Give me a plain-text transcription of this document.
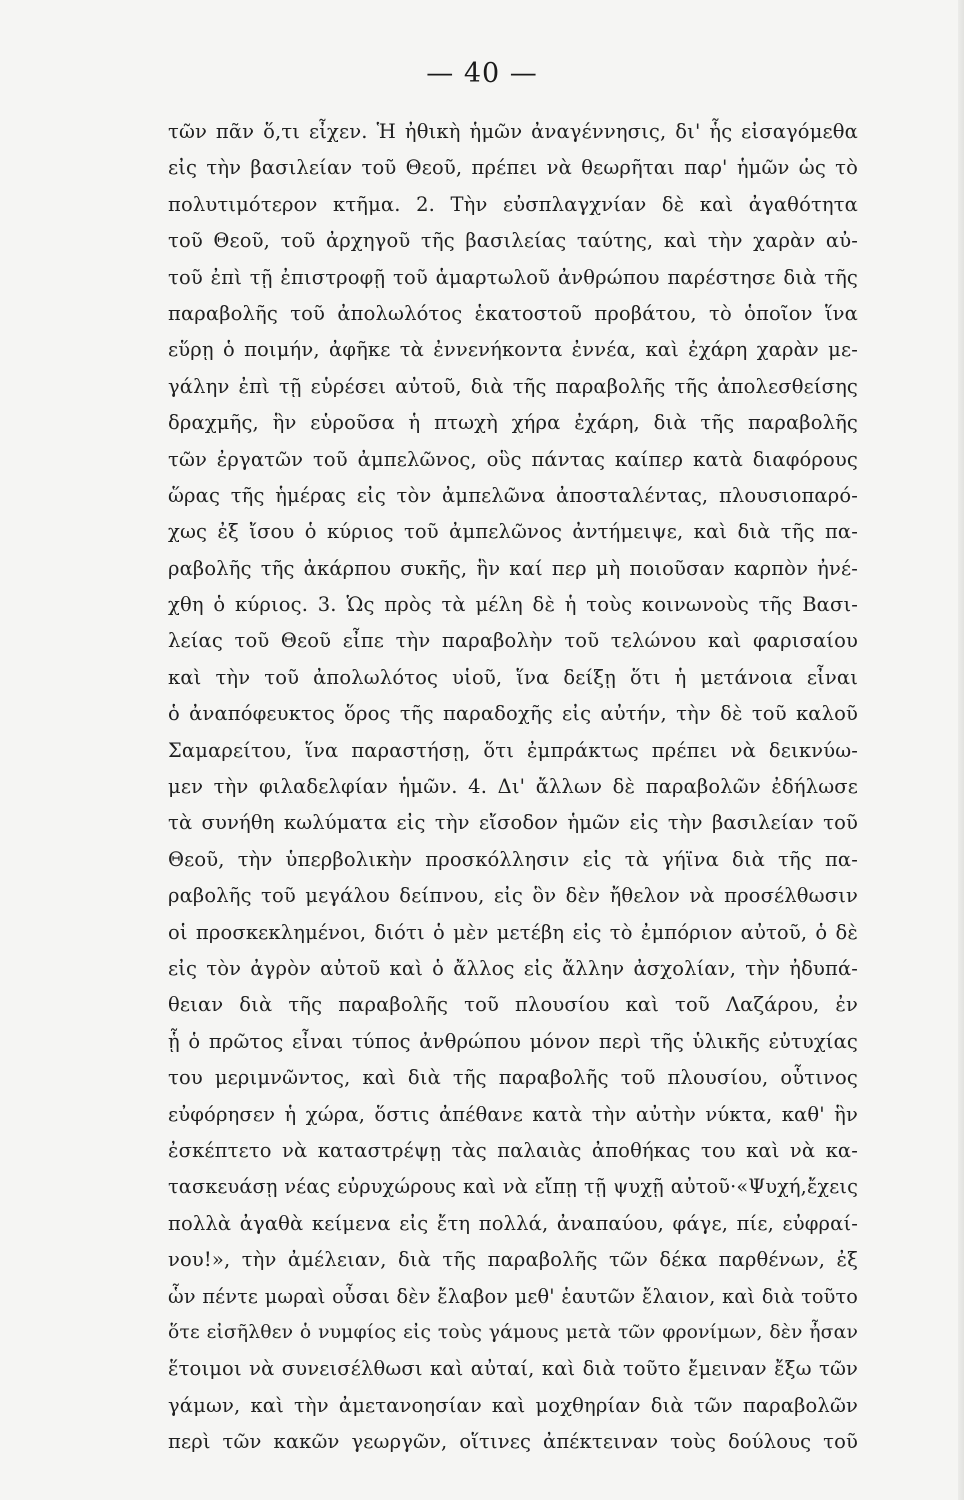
— 40 —
τῶν πᾶν ὅ,τι εἶχεν. Ἡ ἠθικὴ ἡμῶν ἀναγέννησις, δι' ἧς εἰσαγόμεθα
εἰς τὴν βασιλείαν τοῦ Θεοῦ, πρέπει νὰ θεωρῆται παρ' ἡμῶν ὡς τὸ
πολυτιμότερον κτῆμα. 2. Τὴν εὐσπλαγχνίαν δὲ καὶ ἀγαθότητα
τοῦ Θεοῦ, τοῦ ἀρχηγοῦ τῆς βασιλείας ταύτης, καὶ τὴν χαρὰν αὐ-
τοῦ ἐπὶ τῇ ἐπιστροφῇ τοῦ ἁμαρτωλοῦ ἀνθρώπου παρέστησε διὰ τῆς
παραβολῆς τοῦ ἀπολωλότος ἑκατοστοῦ προβάτου, τὸ ὁποῖον ἵνα
εὕρῃ ὁ ποιμήν, ἀφῆκε τὰ ἐννενήκοντα ἐννέα, καὶ ἐχάρη χαρὰν με-
γάλην ἐπὶ τῇ εὑρέσει αὐτοῦ, διὰ τῆς παραβολῆς τῆς ἀπολεσθείσης
δραχμῆς, ἣν εὑροῦσα ἡ πτωχὴ χήρα ἐχάρη, διὰ τῆς παραβολῆς
τῶν ἐργατῶν τοῦ ἀμπελῶνος, οὓς πάντας καίπερ κατὰ διαφόρους
ὥρας τῆς ἡμέρας εἰς τὸν ἀμπελῶνα ἀποσταλέντας, πλουσιοπαρό-
χως ἐξ ἴσου ὁ κύριος τοῦ ἀμπελῶνος ἀντήμειψε, καὶ διὰ τῆς πα-
ραβολῆς τῆς ἀκάρπου συκῆς, ἣν καί περ μὴ ποιοῦσαν καρπὸν ἠνέ-
χθη ὁ κύριος. 3. Ὡς πρὸς τὰ μέλη δὲ ἡ τοὺς κοινωνοὺς τῆς Βασι-
λείας τοῦ Θεοῦ εἶπε τὴν παραβολὴν τοῦ τελώνου καὶ φαρισαίου
καὶ τὴν τοῦ ἀπολωλότος υἱοῦ, ἵνα δείξῃ ὅτι ἡ μετάνοια εἶναι
ὁ ἀναπόφευκτος ὅρος τῆς παραδοχῆς εἰς αὐτήν, τὴν δὲ τοῦ καλοῦ
Σαμαρείτου, ἵνα παραστήσῃ, ὅτι ἐμπράκτως πρέπει νὰ δεικνύω-
μεν τὴν φιλαδελφίαν ἡμῶν. 4. Δι' ἄλλων δὲ παραβολῶν ἐδήλωσε
τὰ συνήθη κωλύματα εἰς τὴν εἴσοδον ἡμῶν εἰς τὴν βασιλείαν τοῦ
Θεοῦ, τὴν ὑπερβολικὴν προσκόλλησιν εἰς τὰ γήϊνα διὰ τῆς πα-
ραβολῆς τοῦ μεγάλου δείπνου, εἰς ὃν δὲν ἤθελον νὰ προσέλθωσιν
οἱ προσκεκλημένοι, διότι ὁ μὲν μετέβη εἰς τὸ ἐμπόριον αὐτοῦ, ὁ δὲ
εἰς τὸν ἀγρὸν αὐτοῦ καὶ ὁ ἄλλος εἰς ἄλλην ἀσχολίαν, τὴν ἠδυπά-
θειαν διὰ τῆς παραβολῆς τοῦ πλουσίου καὶ τοῦ Λαζάρου, ἐν
ᾗ ὁ πρῶτος εἶναι τύπος ἀνθρώπου μόνον περὶ τῆς ὑλικῆς εὐτυχίας
του μεριμνῶντος, καὶ διὰ τῆς παραβολῆς τοῦ πλουσίου, οὗτινος
εὐφόρησεν ἡ χώρα, ὅστις ἀπέθανε κατὰ τὴν αὐτὴν νύκτα, καθ' ἣν
ἐσκέπτετο νὰ καταστρέψῃ τὰς παλαιὰς ἀποθήκας του καὶ νὰ κα-
τασκευάσῃ νέας εὐρυχώρους καὶ νὰ εἴπῃ τῇ ψυχῇ αὐτοῦ·«Ψυχή,ἔχεις
πολλὰ ἀγαθὰ κείμενα εἰς ἔτη πολλά, ἀναπαύου, φάγε, πίε, εὐφραί-
νου!», τὴν ἀμέλειαν, διὰ τῆς παραβολῆς τῶν δέκα παρθένων, ἐξ
ὧν πέντε μωραὶ οὖσαι δὲν ἔλαβον μεθ' ἑαυτῶν ἔλαιον, καὶ διὰ τοῦτο
ὅτε εἰσῆλθεν ὁ νυμφίος εἰς τοὺς γάμους μετὰ τῶν φρονίμων, δὲν ἦσαν
ἕτοιμοι νὰ συνεισέλθωσι καὶ αὐταί, καὶ διὰ τοῦτο ἔμειναν ἔξω τῶν
γάμων, καὶ τὴν ἀμετανοησίαν καὶ μοχθηρίαν διὰ τῶν παραβολῶν
περὶ τῶν κακῶν γεωργῶν, οἵτινες ἀπέκτειναν τοὺς δούλους τοῦ
